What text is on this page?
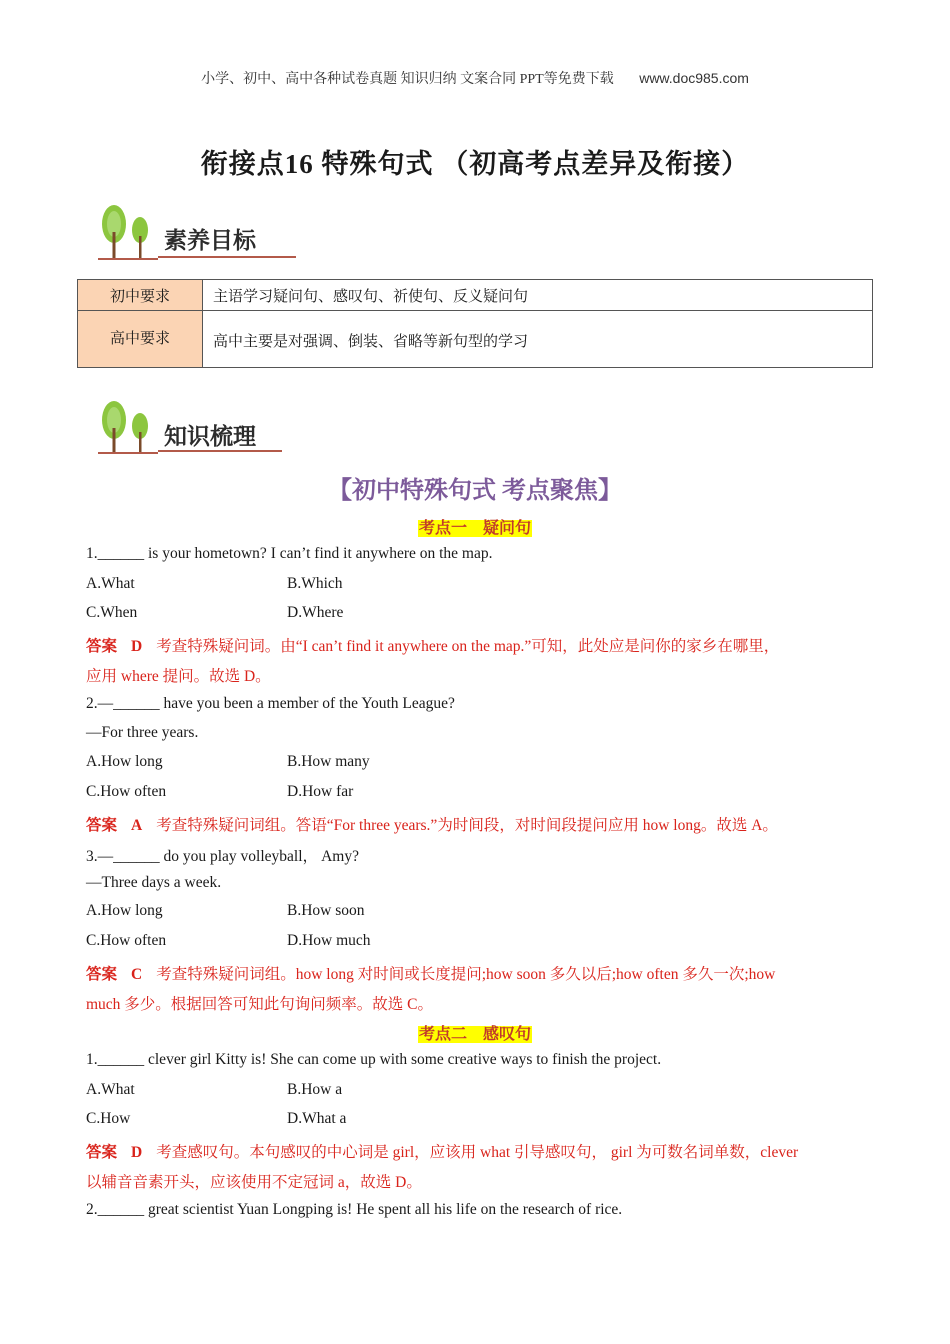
小学、初中、高中各种试卷真题 知识归纳 文案合同 PPT等免费下载 www.doc985.com
衔接点16 特殊句式 （初高考点差异及衔接）
素养目标
初中要求	主语学习疑问句、感叹句、祈使句、反义疑问句
高中要求	高中主要是对强调、倒装、省略等新句型的学习
知识梳理
【初中特殊句式 考点聚焦】
考点一　疑问句
1.______ is your hometown? I can’t find it anywhere on the map.
A.What	B.Which
C.When	D.Where
答案 D 考查特殊疑问词。由“I can’t find it anywhere on the map.”可知，此处应是问你的家乡在哪里，
应用 where 提问。故选 D。
2.—______ have you been a member of the Youth League?
—For three years.
A.How long	B.How many
C.How often	D.How far
答案 A 考查特殊疑问词组。答语“For three years.”为时间段，对时间段提问应用 how long。故选 A。
3.—______ do you play volleyball， Amy?
—Three days a week.
A.How long	B.How soon
C.How often	D.How much
答案 C 考查特殊疑问词组。how long 对时间或长度提问;how soon 多久以后;how often 多久一次;how
much 多少。根据回答可知此句询问频率。故选 C。
考点二　感叹句
1.______ clever girl Kitty is! She can come up with some creative ways to finish the project.
A.What	B.How a
C.How	D.What a
答案 D 考查感叹句。本句感叹的中心词是 girl，应该用 what 引导感叹句， girl 为可数名词单数，clever
以辅音音素开头，应该使用不定冠词 a，故选 D。
2.______ great scientist Yuan Longping is! He spent all his life on the research of rice.
